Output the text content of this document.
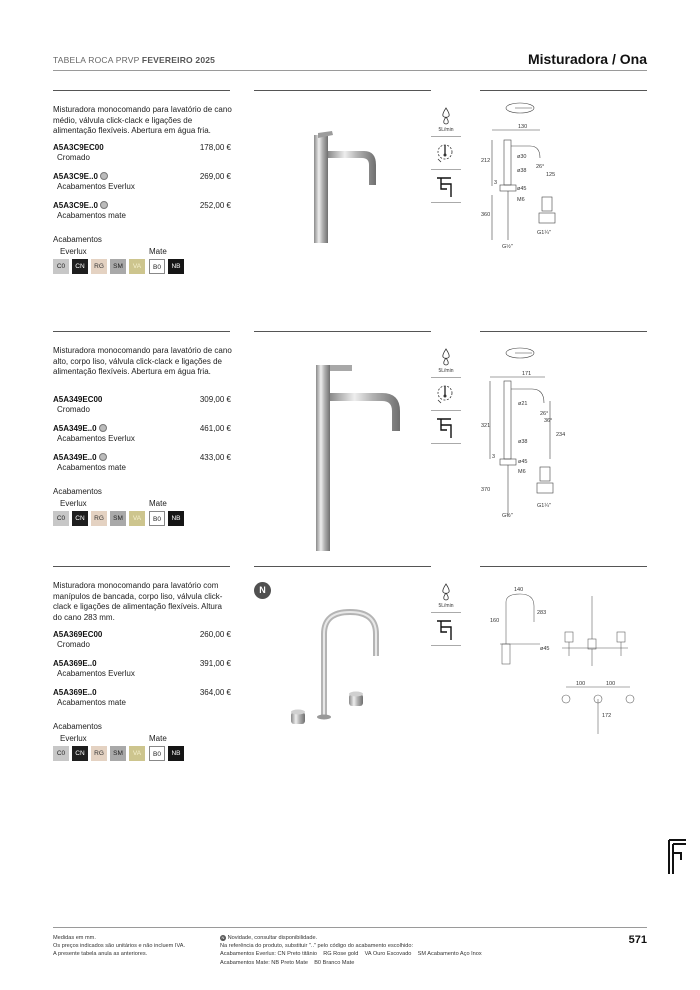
TABELA ROCA PRVP FEVEREIRO 2025	Misturadora / Ona
Misturadora monocomando para lavatório de cano médio, válvula click-clack e ligações de alimentação flexíveis. Abertura em água fria.
A5A3C9EC00
Cromado
178,00 €
A5A3C9E..0
Acabamentos Everlux
269,00 €
A5A3C9E..0
Acabamentos mate
252,00 €
Acabamentos
Everlux	Mate
C0	CN	RG	SM	VA	B0	NB
5L/min	130
212
ø30
ø38
26°
125
3
ø45
M6
360
G½"
G1¼"
Misturadora monocomando para lavatório de cano alto, corpo liso, válvula click-clack e ligações de alimentação flexíveis. Abertura em água fria.
A5A349EC00
Cromado
309,00 €
A5A349E..0
Acabamentos Everlux
461,00 €
A5A349E..0
Acabamentos mate
433,00 €
Acabamentos
Everlux	Mate
C0	CN	RG	SM	VA	B0	NB
5L/min	171
321
ø21
26°
36°
234
ø38
3
ø45
M6
370
G½"
G1¼"
Misturadora monocomando para lavatório com manípulos de bancada, corpo liso, válvula click-clack e ligações de alimentação flexíveis. Altura do cano 283 mm.
A5A369EC00
Cromado
260,00 €
A5A369E..0
Acabamentos Everlux
391,00 €
A5A369E..0
Acabamentos mate
364,00 €
Acabamentos
Everlux	Mate
C0	CN	RG	SM	VA	B0	NB
N
5L/min
140
283
160
100	100
172
ø45
Medidas em mm.
Os preços indicados são unitários e não incluem IVA.
A presente tabela anula as anteriores.
N Novidade, consultar disponibilidade.
Na referência do produto, substituir ".." pelo código do acabamento escolhido:
Acabamentos Everlux: CN Preto titânio    RG Rose gold    VA Ouro Escovado    SM Acabamento Aço Inox
Acabamentos Mate: NB Preto Mate    B0 Branco Mate
571
